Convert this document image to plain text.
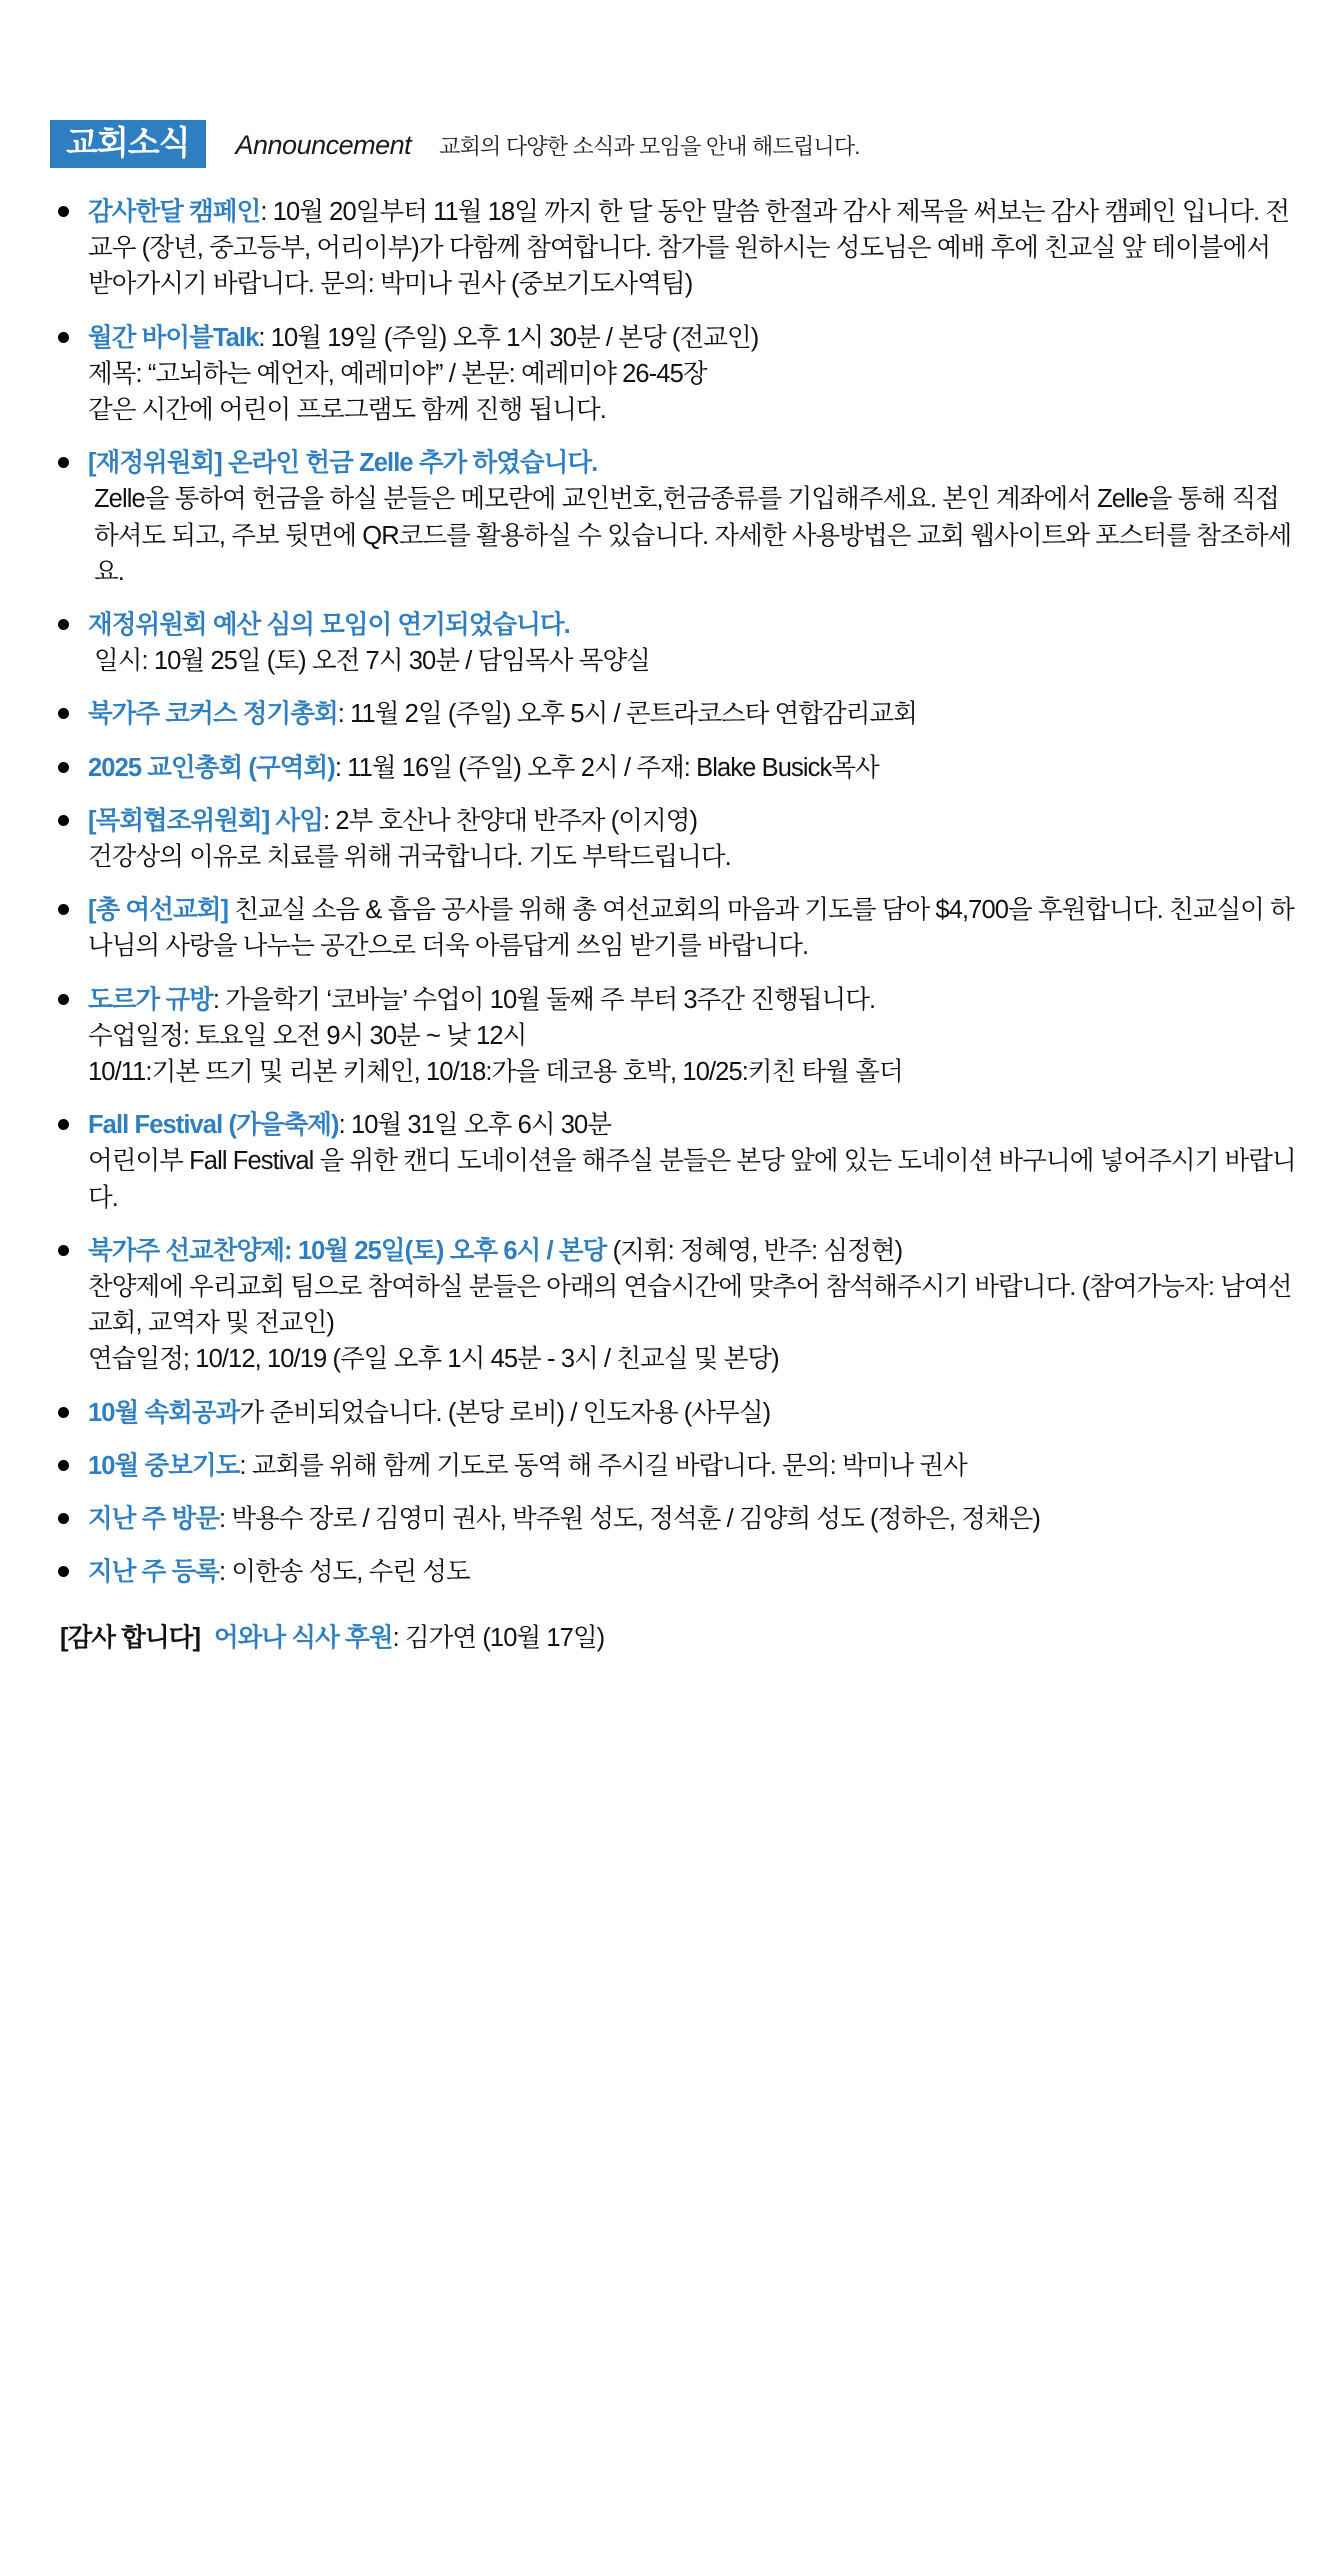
교회소식	Announcement 교회의 다양한 소식과 모임을 안내 해드립니다.
감사한달 캠페인: 10월 20일부터 11월 18일 까지 한 달 동안 말씀 한절과 감사 제목을 써보는 감사 캠페인 입니다. 전 교우 (장년, 중고등부, 어리이부)가 다함께 참여합니다. 참가를 원하시는 성도님은 예배 후에 친교실 앞 테이블에서 받아가시기 바랍니다. 문의: 박미나 권사 (중보기도사역팀)
월간 바이블Talk: 10월 19일 (주일) 오후 1시 30분 / 본당 (전교인)
제목: “고뇌하는 예언자, 예레미야” / 본문: 예레미야 26-45장
같은 시간에 어린이 프로그램도 함께 진행 됩니다.
[재정위원회] 온라인 헌금 Zelle 추가 하였습니다.
Zelle을 통하여 헌금을 하실 분들은 메모란에 교인번호,헌금종류를 기입해주세요. 본인 계좌에서 Zelle을 통해 직접 하셔도 되고, 주보 뒷면에 QR코드를 활용하실 수 있습니다. 자세한 사용방법은 교회 웹사이트와 포스터를 참조하세요.
재정위원회 예산 심의 모임이 연기되었습니다.
일시: 10월 25일 (토) 오전 7시 30분 / 담임목사 목양실
북가주 코커스 정기총회: 11월 2일 (주일) 오후 5시 / 콘트라코스타 연합감리교회
2025 교인총회 (구역회): 11월 16일 (주일) 오후 2시 / 주재: Blake Busick목사
[목회협조위원회] 사임: 2부 호산나 찬양대 반주자 (이지영)
건강상의 이유로 치료를 위해 귀국합니다. 기도 부탁드립니다.
[총 여선교회] 친교실 소음 & 흡음 공사를 위해 총 여선교회의 마음과 기도를 담아 $4,700을 후원합니다. 친교실이 하나님의 사랑을 나누는 공간으로 더욱 아름답게 쓰임 받기를 바랍니다.
도르가 규방: 가을학기 ‘코바늘’ 수업이 10월 둘째 주 부터 3주간 진행됩니다.
수업일정: 토요일 오전 9시 30분 ~ 낮 12시
10/11:기본 뜨기 및 리본 키체인, 10/18:가을 데코용 호박, 10/25:키친 타월 홀더
Fall Festival (가을축제): 10월 31일 오후 6시 30분
어린이부 Fall Festival 을 위한 캔디 도네이션을 해주실 분들은 본당 앞에 있는 도네이션 바구니에 넣어주시기 바랍니다.
북가주 선교찬양제: 10월 25일(토) 오후 6시 / 본당 (지휘: 정혜영, 반주: 심정현)
찬양제에 우리교회 팀으로 참여하실 분들은 아래의 연습시간에 맞추어 참석해주시기 바랍니다. (참여가능자: 남여선교회, 교역자 및 전교인)
연습일정; 10/12, 10/19 (주일 오후 1시 45분 - 3시 / 친교실 및 본당)
10월 속회공과가 준비되었습니다. (본당 로비) / 인도자용 (사무실)
10월 중보기도: 교회를 위해 함께 기도로 동역 해 주시길 바랍니다. 문의: 박미나 권사
지난 주 방문: 박용수 장로 / 김영미 권사, 박주원 성도, 정석훈 / 김양희 성도 (정하은, 정채은)
지난 주 등록: 이한송 성도, 수린 성도
[감사 합니다] 어와나 식사 후원: 김가연 (10월 17일)
